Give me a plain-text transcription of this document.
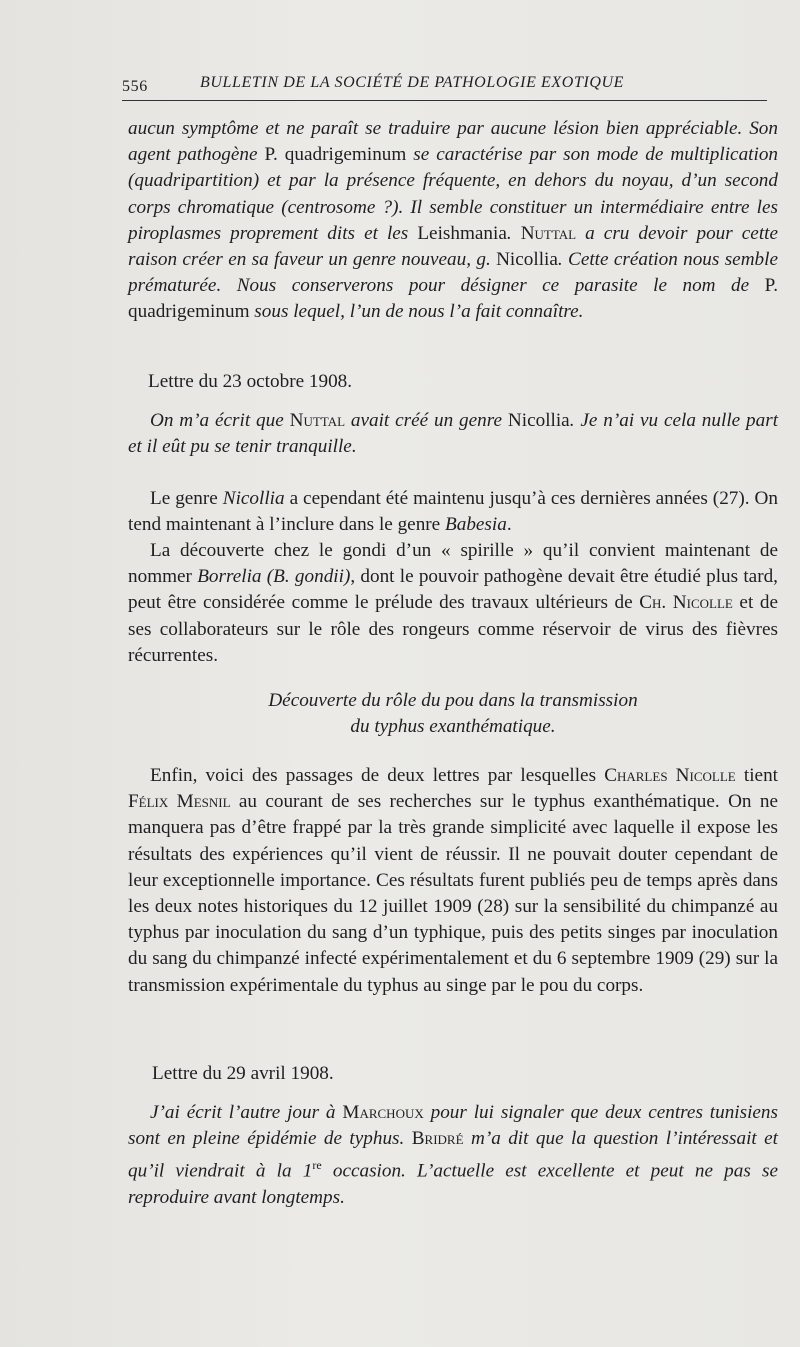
556	BULLETIN DE LA SOCIÉTÉ DE PATHOLOGIE EXOTIQUE

aucun symptôme et ne paraît se traduire par aucune lésion bien appréciable. Son agent pathogène P. quadrigeminum se caractérise par son mode de multiplication (quadripartition) et par la présence fréquente, en dehors du noyau, d’un second corps chromatique (centrosome ?). Il semble constituer un intermédiaire entre les piroplasmes proprement dits et les Leishmania. Nuttal a cru devoir pour cette raison créer en sa faveur un genre nouveau, g. Nicollia. Cette création nous semble prématurée. Nous conserverons pour désigner ce parasite le nom de P. quadrigeminum sous lequel, l’un de nous l’a fait connaître.

Lettre du 23 octobre 1908.

On m’a écrit que Nuttal avait créé un genre Nicollia. Je n’ai vu cela nulle part et il eût pu se tenir tranquille.

Le genre Nicollia a cependant été maintenu jusqu’à ces dernières années (27). On tend maintenant à l’inclure dans le genre Babesia.

La découverte chez le gondi d’un « spirille » qu’il convient maintenant de nommer Borrelia (B. gondii), dont le pouvoir pathogène devait être étudié plus tard, peut être considérée comme le prélude des travaux ultérieurs de Ch. Nicolle et de ses collaborateurs sur le rôle des rongeurs comme réservoir de virus des fièvres récurrentes.

Découverte du rôle du pou dans la transmission
du typhus exanthématique.

Enfin, voici des passages de deux lettres par lesquelles Charles Nicolle tient Félix Mesnil au courant de ses recherches sur le typhus exanthématique. On ne manquera pas d’être frappé par la très grande simplicité avec laquelle il expose les résultats des expériences qu’il vient de réussir. Il ne pouvait douter cependant de leur exceptionnelle importance. Ces résultats furent publiés peu de temps après dans les deux notes historiques du 12 juillet 1909 (28) sur la sensibilité du chimpanzé au typhus par inoculation du sang d’un typhique, puis des petits singes par inoculation du sang du chimpanzé infecté expérimentalement et du 6 septembre 1909 (29) sur la transmission expérimentale du typhus au singe par le pou du corps.

Lettre du 29 avril 1908.

J’ai écrit l’autre jour à Marchoux pour lui signaler que deux centres tunisiens sont en pleine épidémie de typhus. Bridré m’a dit que la question l’intéressait et qu’il viendrait à la 1re occasion. L’actuelle est excellente et peut ne pas se reproduire avant longtemps.
